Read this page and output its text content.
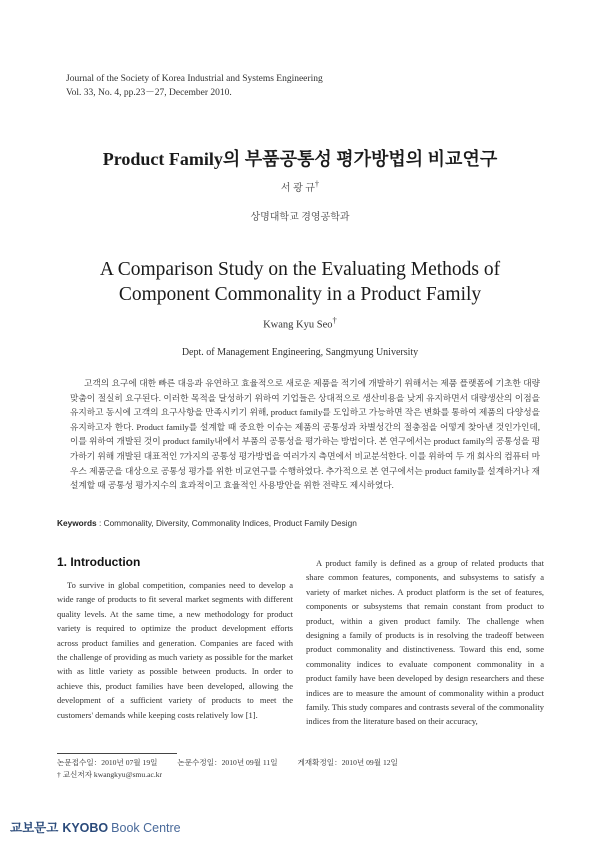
Journal of the Society of Korea Industrial and Systems Engineering
Vol. 33, No. 4, pp.23－27, December 2010.
Product Family의 부품공통성 평가방법의 비교연구
서 광 규†
상명대학교 경영공학과
A Comparison Study on the Evaluating Methods of
Component Commonality in a Product Family
Kwang Kyu Seo†
Dept. of Management Engineering, Sangmyung University

고객의 요구에 대한 빠른 대응과 유연하고 효율적으로 새로운 제품을 적기에 개발하기 위해서는 제품 플랫폼에 기초한 대량 맞춤이 절실히 요구된다. 이러한 목적을 달성하기 위하여 기업들은 상대적으로 생산비용을 낮게 유지하면서 대량생산의 이점을 유지하고 동시에 고객의 요구사항을 만족시키기 위해, product family를 도입하고 가능하면 작은 변화를 통하여 제품의 다양성을 유지하고자 한다. Product family를 설계할 때 중요한 이슈는 제품의 공통성과 차별성간의 절충점을 어떻게 찾아낸 것인가인데, 이를 위하여 개발된 것이 product family내에서 부품의 공통성을 평가하는 방법이다. 본 연구에서는 product family의 공통성을 평가하기 위해 개발된 대표적인 7가지의 공통성 평가방법을 여러가지 측면에서 비교분석한다. 이를 위하여 두 개 회사의 컴퓨터 마우스 제품군을 대상으로 공통성 평가를 위한 비교연구를 수행하였다. 추가적으로 본 연구에서는 product family를 설계하거나 재설계할 때 공통성 평가지수의 효과적이고 효율적인 사용방안을 위한 전략도 제시하였다.

Keywords : Commonality, Diversity, Commonality Indices, Product Family Design
1. Introduction

To survive in global competition, companies need to develop a wide range of products to fit several market segments with different quality levels. At the same time, a new methodology for product variety is required to optimize the product development efforts across product families and generation. Companies are faced with the challenge of providing as much variety as possible for the market with as little variety as possible between products. In order to achieve this, product families have been developed, allowing the development of a sufficient variety of products to meet the customers' demands while keeping costs relatively low [1].

A product family is defined as a group of related products that share common features, components, and subsystems to satisfy a variety of market niches. A product platform is the set of features, components or subsystems that remain constant from product to product, within a given product family. The challenge when designing a family of products is in resolving the tradeoff between product commonality and distinctiveness. Toward this end, some commonality indices to evaluate component commonality in a product family have been developed by design researchers and these indices are to measure the amount of commonality within a product family. This study compares and contrasts several of the commonality indices from the literature based on their accuracy,

논문접수일：2010년 07월 19일	논문수정일：2010년 09월 11일	게재확정일：2010년 09월 12일
† 교신저자 kwangkyu@smu.ac.kr
교보문고 KYOBO Book Centre
